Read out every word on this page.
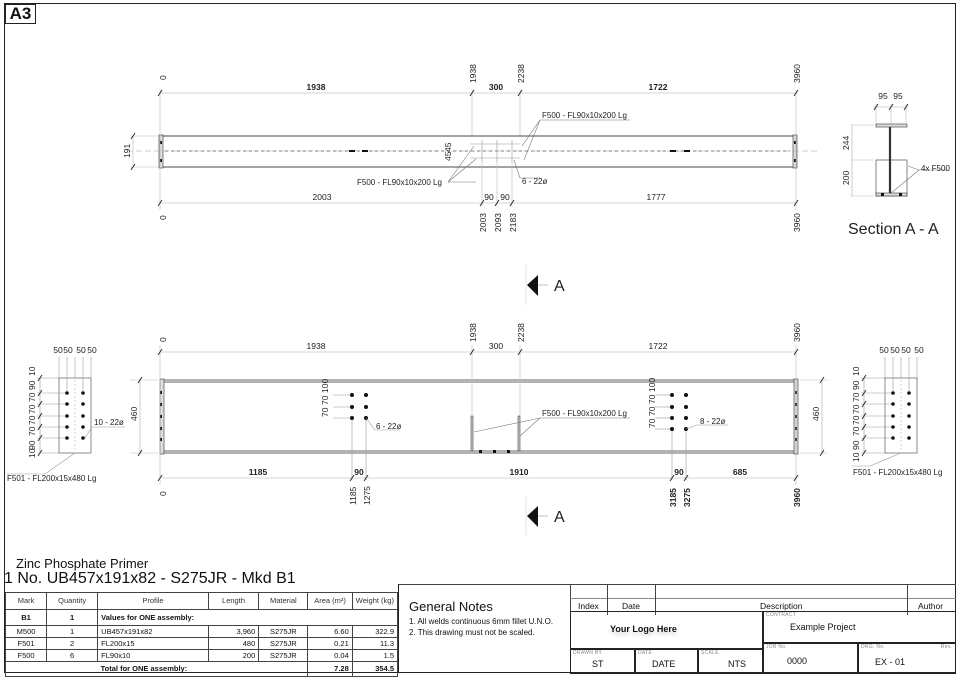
A3
1938	300	1722
0	1938	2238	3960
2003	90 90	1777
0	2003 2093 2183	3960
191	45
45
F500 - FL90x10x200 Lg
F500 - FL90x10x200 Lg
6 - 22ø
95 95
244
200
4x F500
Section A - A
A
A
1938	300	1722
0	1938	2238	3960
1185	90	1910	90	685
0	1185 1275	3185 3275	3960
460	460
100
70
70
6 - 22ø
100
70
70
70	8 - 22ø
F500 - FL90x10x200 Lg
50 50 50 50
10
90
70
70
70
70
90
10
10 - 22ø
F501 - FL200x15x480 Lg
50 50 50 50
10
90
70
70
70
70
90
10
F501 - FL200x15x480 Lg
Zinc Phosphate Primer
1 No. UB457x191x82 - S275JR - Mkd B1
Mark	Quantity	Profile	Length	Material	Area (m²)	Weight (kg)
B1	1	Values for ONE assembly:				
M500	1	UB457x191x82	3,960	S275JR	6.60	322.9
F501	2	FL200x15	480	S275JR	0.21	11.3
F500	6	FL90x10	200	S275JR	0.04	1.5
		Total for ONE assembly:			7.28	354.5
General Notes
1. All welds continuous 6mm fillet U.N.O.
2. This drawing must not be scaled.
Index	Date	Description	Author
Your Logo Here
CONTRACT
Example Project
DRAWN BY
ST
DATE
DATE
SCALE
NTS
JOB No.
0000
DRG. No.	Rev.
EX - 01
